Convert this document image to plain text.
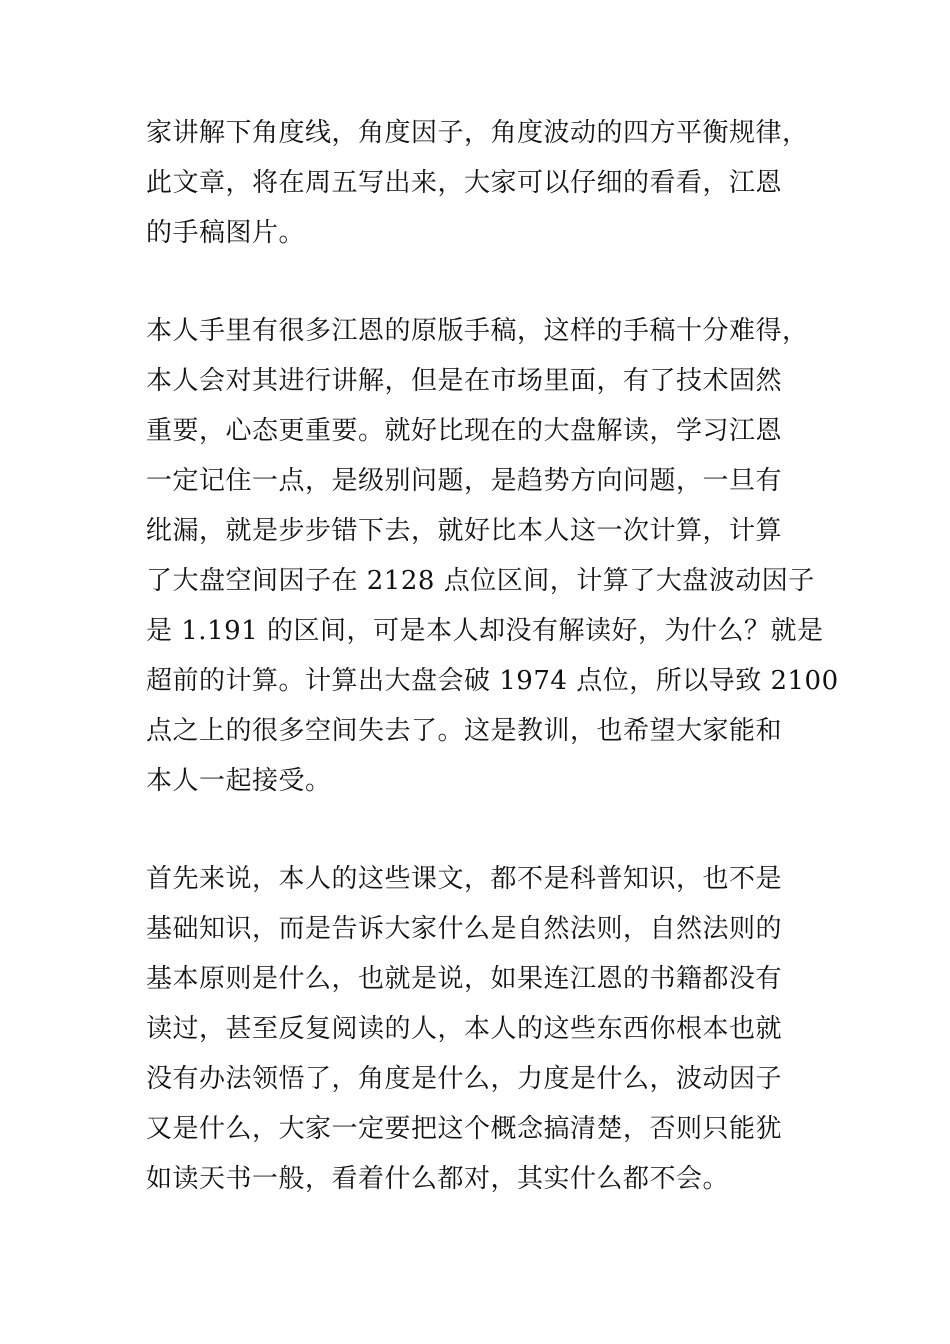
家讲解下角度线，角度因子，角度波动的四方平衡规律，
此文章，将在周五写出来，大家可以仔细的看看，江恩
的手稿图片。

本人手里有很多江恩的原版手稿，这样的手稿十分难得，
本人会对其进行讲解，但是在市场里面，有了技术固然
重要，心态更重要。就好比现在的大盘解读，学习江恩
一定记住一点，是级别问题，是趋势方向问题，一旦有
纰漏，就是步步错下去，就好比本人这一次计算，计算
了大盘空间因子在 2128 点位区间，计算了大盘波动因子
是 1.191 的区间，可是本人却没有解读好，为什么？就是
超前的计算。计算出大盘会破 1974 点位，所以导致 2100
点之上的很多空间失去了。这是教训，也希望大家能和
本人一起接受。

首先来说，本人的这些课文，都不是科普知识，也不是
基础知识，而是告诉大家什么是自然法则，自然法则的
基本原则是什么，也就是说，如果连江恩的书籍都没有
读过，甚至反复阅读的人，本人的这些东西你根本也就
没有办法领悟了，角度是什么，力度是什么，波动因子
又是什么，大家一定要把这个概念搞清楚，否则只能犹
如读天书一般，看着什么都对，其实什么都不会。
